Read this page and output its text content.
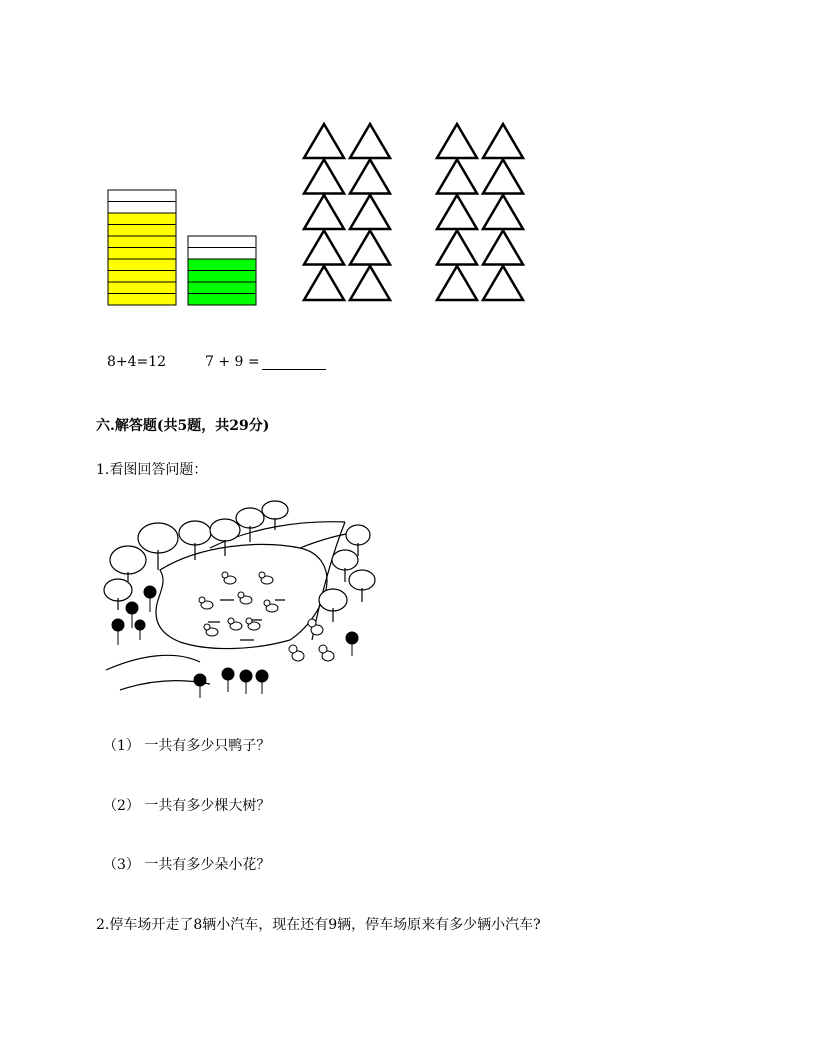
8+4=12	7 + 9 =
六.解答题(共5题，共29分)
1.看图回答问题：
（1） 一共有多少只鸭子？
（2） 一共有多少棵大树？
（3） 一共有多少朵小花？
2.停车场开走了8辆小汽车，现在还有9辆，停车场原来有多少辆小汽车?
